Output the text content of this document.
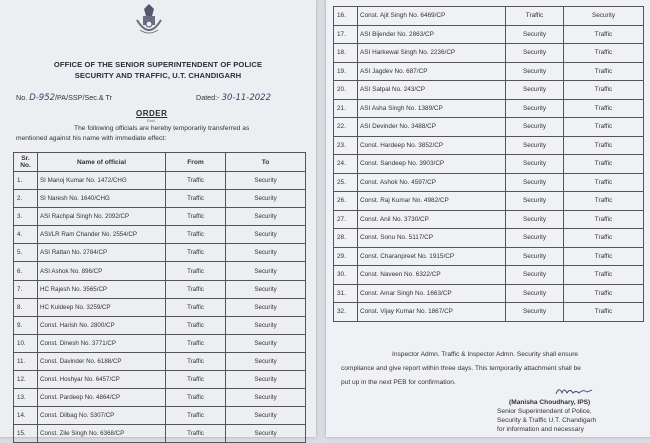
OFFICE OF THE SENIOR SUPERINTENDENT OF POLICE
SECURITY AND TRAFFIC, U.T. CHANDIGARH
No. D-952/PA/SSP/Sec.& Tr	Dated:- 30-11-2022
ORDER
Encl.
The following officials are hereby temporarily transferred as
mentioned against his name with immediate effect:
Sr.
No.	Name of official	From	To
1.	SI Manoj Kumar No. 1472/CHG	Traffic	Security
2.	SI Naresh No. 1640/CHG	Traffic	Security
3.	ASI Rachpal Singh No. 2092/CP	Traffic	Security
4.	ASI/LR Ram Chander No. 2554/CP	Traffic	Security
5.	ASI Rattan No. 2784/CP	Traffic	Security
6.	ASI Ashok No. 896/CP	Traffic	Security
7.	HC Rajesh No. 3565/CP	Traffic	Security
8.	HC Kuldeep No. 3259/CP	Traffic	Security
9.	Const. Harish No. 2800/CP	Traffic	Security
10.	Const. Dinesh No. 3771/CP	Traffic	Security
11.	Const. Davinder No. 6188/CP	Traffic	Security
12.	Const. Hoshyar No. 6457/CP	Traffic	Security
13.	Const. Pardeep No. 4864/CP	Traffic	Security
14.	Const. Dilbag No. 5307/CP	Traffic	Security
15.	Const. Zile Singh No. 6368/CP	Traffic	Security
16.	Const. Ajit Singh No. 6469/CP	Traffic	Security
17.	ASI Bijender No. 2863/CP	Security	Traffic
18.	ASI Harkewal Singh No. 2236/CP	Security	Traffic
19.	ASI Jagdev No. 687/CP	Security	Traffic
20.	ASI Satpal No. 243/CP	Security	Traffic
21.	ASI Asha Singh No. 1389/CP	Security	Traffic
22.	ASI Devinder No. 3488/CP	Security	Traffic
23.	Const. Hardeep No. 3852/CP	Security	Traffic
24.	Const. Sandeep No. 3903/CP	Security	Traffic
25.	Const. Ashok No. 4597/CP	Security	Traffic
26.	Const. Raj Kumar No. 4982/CP	Security	Traffic
27.	Const. Anil No. 3730/CP	Security	Traffic
28.	Const. Sonu No. 5117/CP	Security	Traffic
29.	Const. Charanpreet No. 1915/CP	Security	Traffic
30.	Const. Naveen No. 6322/CP	Security	Traffic
31.	Const. Amar Singh No. 1663/CP	Security	Traffic
32.	Const. Vijay Kumar No. 1867/CP	Security	Traffic
Inspector Admn. Traffic & Inspector Admn. Security shall ensure
compliance and give report within three days. This temporarily attachment shall be
put up in the next PEB for confirmation.
(Manisha Choudhary, IPS)
Senior Superintendent of Police,
Security & Traffic U.T. Chandigarh
for information and necessary
